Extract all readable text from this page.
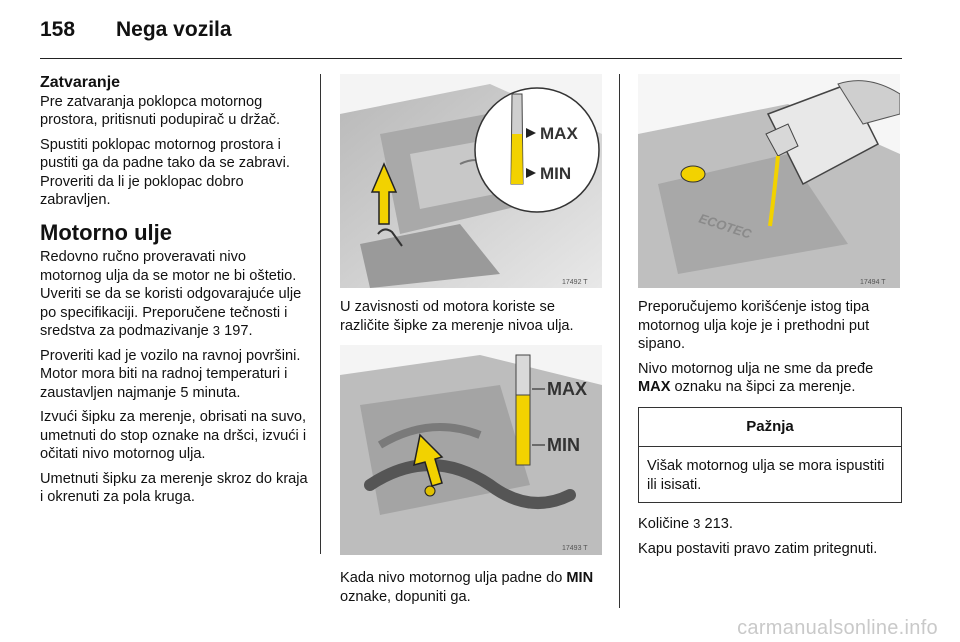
158 Nega vozila
Zatvaranje

Pre zatvaranja poklopca motornog prostora, pritisnuti podupirač u držač.

Spustiti poklopac motornog prostora i pustiti ga da padne tako da se zabravi. Proveriti da li je poklopac dobro zabravljen.

Motorno ulje

Redovno ručno proveravati nivo motornog ulja da se motor ne bi oštetio. Uveriti se da se koristi odgovarajuće ulje po specifikaciji. Preporučene tečnosti i sredstva za podmazivanje 3 197.

Proveriti kad je vozilo na ravnoj površini. Motor mora biti na radnoj temperaturi i zaustavljen najmanje 5 minuta.

Izvući šipku za merenje, obrisati na suvo, umetnuti do stop oznake na dršci, izvući i očitati nivo motornog ulja.

Umetnuti šipku za merenje skroz do kraja i okrenuti za pola kruga.

MAX
MIN
17492 T

U zavisnosti od motora koriste se različite šipke za merenje nivoa ulja.

MAX
MIN
17493 T

Kada nivo motornog ulja padne do MIN oznake, dopuniti ga.

ECOTEC
17494 T

Preporučujemo korišćenje istog tipa motornog ulja koje je i prethodni put sipano.

Nivo motornog ulja ne sme da pređe MAX oznaku na šipci za merenje.

Pažnja
Višak motornog ulja se mora ispustiti ili isisati.

Količine 3 213.

Kapu postaviti pravo zatim pritegnuti.

carmanualsonline.info
